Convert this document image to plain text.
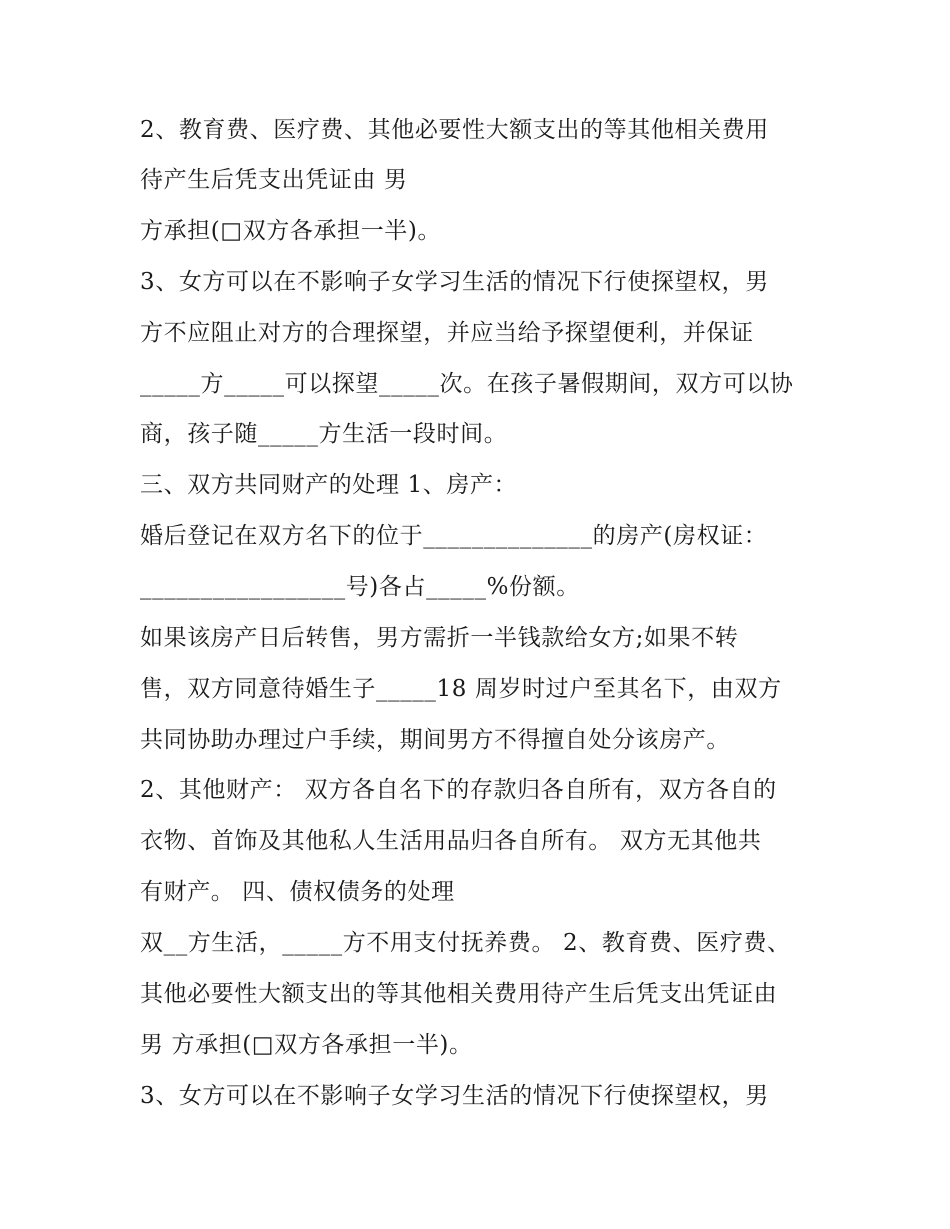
2、教育费、医疗费、其他必要性大额支出的等其他相关费用

待产生后凭支出凭证由 男

方承担(□双方各承担一半)。

3、女方可以在不影响子女学习生活的情况下行使探望权，男

方不应阻止对方的合理探望，并应当给予探望便利，并保证

_____方_____可以探望_____次。在孩子暑假期间，双方可以协

商，孩子随_____方生活一段时间。

三、双方共同财产的处理 1、房产：

婚后登记在双方名下的位于______________的房产(房权证：

_________________号)各占_____%份额。

如果该房产日后转售，男方需折一半钱款给女方;如果不转

售，双方同意待婚生子_____18 周岁时过户至其名下，由双方

共同协助办理过户手续，期间男方不得擅自处分该房产。

2、其他财产： 双方各自名下的存款归各自所有，双方各自的

衣物、首饰及其他私人生活用品归各自所有。 双方无其他共

有财产。 四、债权债务的处理

双__方生活，_____方不用支付抚养费。 2、教育费、医疗费、

其他必要性大额支出的等其他相关费用待产生后凭支出凭证由

男 方承担(□双方各承担一半)。

3、女方可以在不影响子女学习生活的情况下行使探望权，男
